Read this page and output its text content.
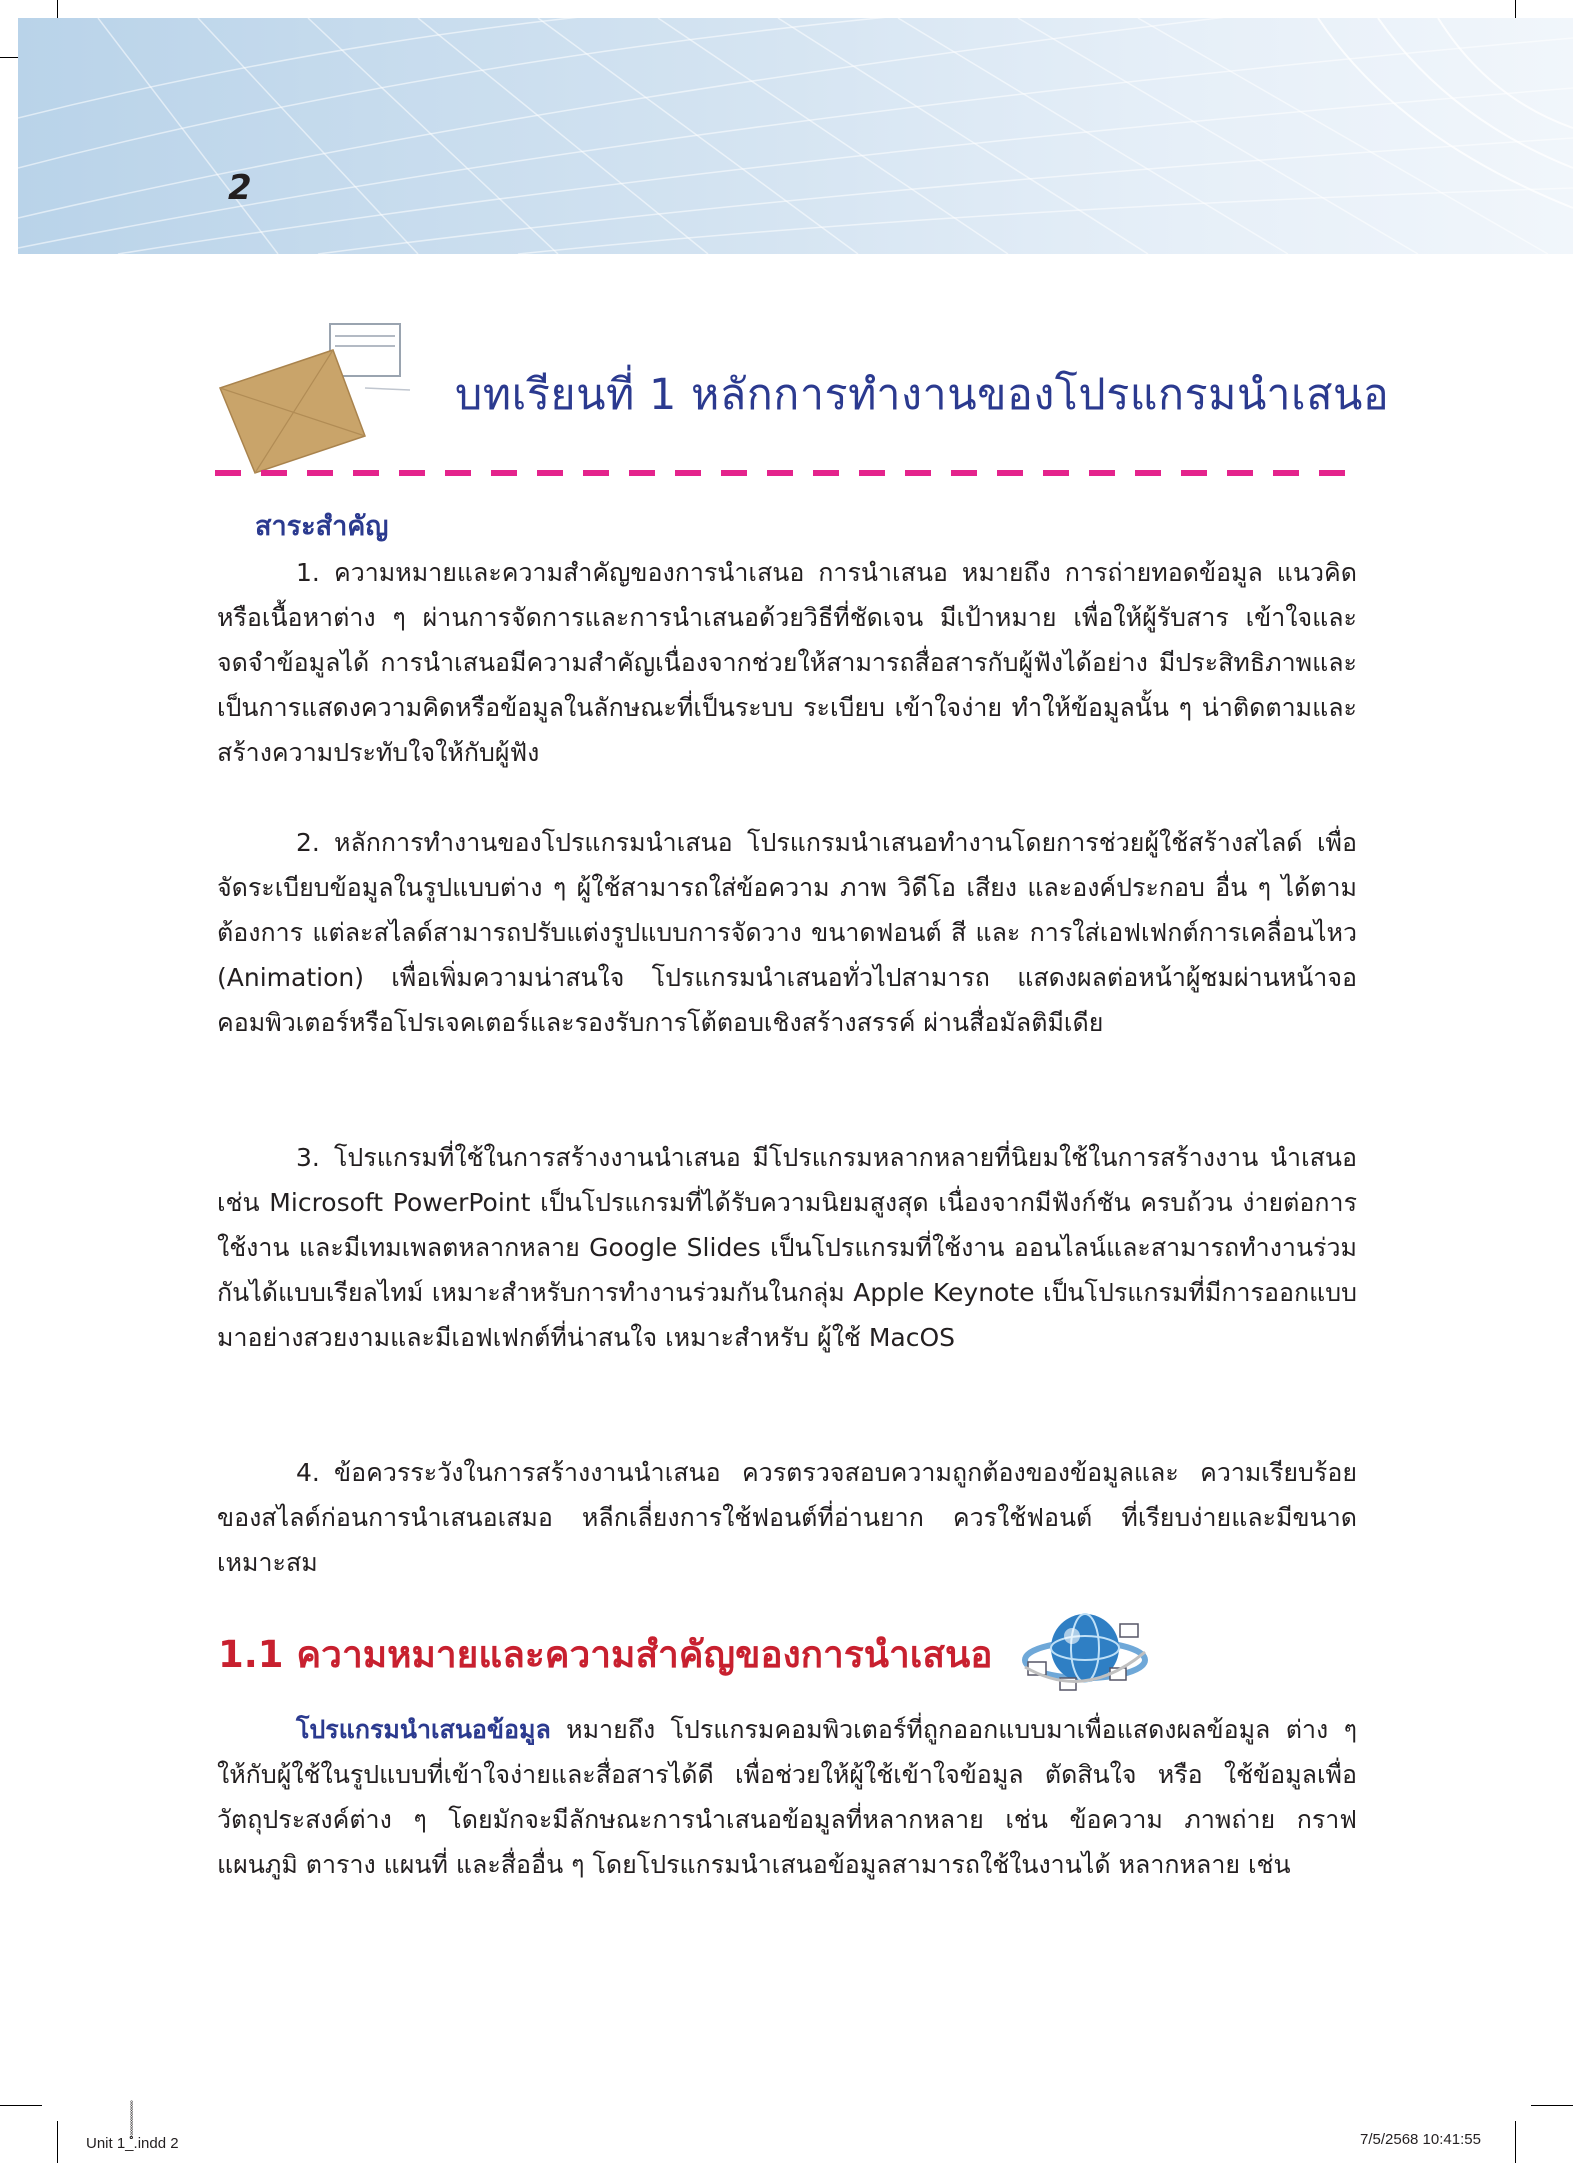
2
บทเรียนที่ 1 หลักการทำงานของโปรแกรมนำเสนอ
สาระสำคัญ
1. ความหมายและความสำคัญของการนำเสนอ การนำเสนอ หมายถึง การถ่ายทอดข้อมูล แนวคิด หรือเนื้อหาต่าง ๆ ผ่านการจัดการและการนำเสนอด้วยวิธีที่ชัดเจน มีเป้าหมาย เพื่อให้ผู้รับสาร เข้าใจและจดจำข้อมูลได้ การนำเสนอมีความสำคัญเนื่องจากช่วยให้สามารถสื่อสารกับผู้ฟังได้อย่าง มีประสิทธิภาพและเป็นการแสดงความคิดหรือข้อมูลในลักษณะที่เป็นระบบ ระเบียบ เข้าใจง่าย ทำให้ข้อมูลนั้น ๆ น่าติดตามและสร้างความประทับใจให้กับผู้ฟัง
2. หลักการทำงานของโปรแกรมนำเสนอ โปรแกรมนำเสนอทำงานโดยการช่วยผู้ใช้สร้างสไลด์ เพื่อจัดระเบียบข้อมูลในรูปแบบต่าง ๆ ผู้ใช้สามารถใส่ข้อความ ภาพ วิดีโอ เสียง และองค์ประกอบ อื่น ๆ ได้ตามต้องการ แต่ละสไลด์สามารถปรับแต่งรูปแบบการจัดวาง ขนาดฟอนต์ สี และ การใส่เอฟเฟกต์การเคลื่อนไหว (Animation) เพื่อเพิ่มความน่าสนใจ โปรแกรมนำเสนอทั่วไปสามารถ แสดงผลต่อหน้าผู้ชมผ่านหน้าจอคอมพิวเตอร์หรือโปรเจคเตอร์และรองรับการโต้ตอบเชิงสร้างสรรค์ ผ่านสื่อมัลติมีเดีย
3. โปรแกรมที่ใช้ในการสร้างงานนำเสนอ มีโปรแกรมหลากหลายที่นิยมใช้ในการสร้างงาน นำเสนอ เช่น Microsoft PowerPoint เป็นโปรแกรมที่ได้รับความนิยมสูงสุด เนื่องจากมีฟังก์ชัน ครบถ้วน ง่ายต่อการใช้งาน และมีเทมเพลตหลากหลาย Google Slides เป็นโปรแกรมที่ใช้งาน ออนไลน์และสามารถทำงานร่วมกันได้แบบเรียลไทม์ เหมาะสำหรับการทำงานร่วมกันในกลุ่ม Apple Keynote เป็นโปรแกรมที่มีการออกแบบมาอย่างสวยงามและมีเอฟเฟกต์ที่น่าสนใจ เหมาะสำหรับ ผู้ใช้ MacOS
4. ข้อควรระวังในการสร้างงานนำเสนอ ควรตรวจสอบความถูกต้องของข้อมูลและ ความเรียบร้อยของสไลด์ก่อนการนำเสนอเสมอ หลีกเลี่ยงการใช้ฟอนต์ที่อ่านยาก ควรใช้ฟอนต์ ที่เรียบง่ายและมีขนาดเหมาะสม
1.1 ความหมายและความสำคัญของการนำเสนอ
โปรแกรมนำเสนอข้อมูล หมายถึง โปรแกรมคอมพิวเตอร์ที่ถูกออกแบบมาเพื่อแสดงผลข้อมูล ต่าง ๆ ให้กับผู้ใช้ในรูปแบบที่เข้าใจง่ายและสื่อสารได้ดี เพื่อช่วยให้ผู้ใช้เข้าใจข้อมูล ตัดสินใจ หรือ ใช้ข้อมูลเพื่อวัตถุประสงค์ต่าง ๆ โดยมักจะมีลักษณะการนำเสนอข้อมูลที่หลากหลาย เช่น ข้อความ ภาพถ่าย กราฟ แผนภูมิ ตาราง แผนที่ และสื่ออื่น ๆ โดยโปรแกรมนำเสนอข้อมูลสามารถใช้ในงานได้ หลากหลาย เช่น
Unit 1_ํํํํํํํํํํํํํํํ.indd 2	7/5/2568 10:41:55
